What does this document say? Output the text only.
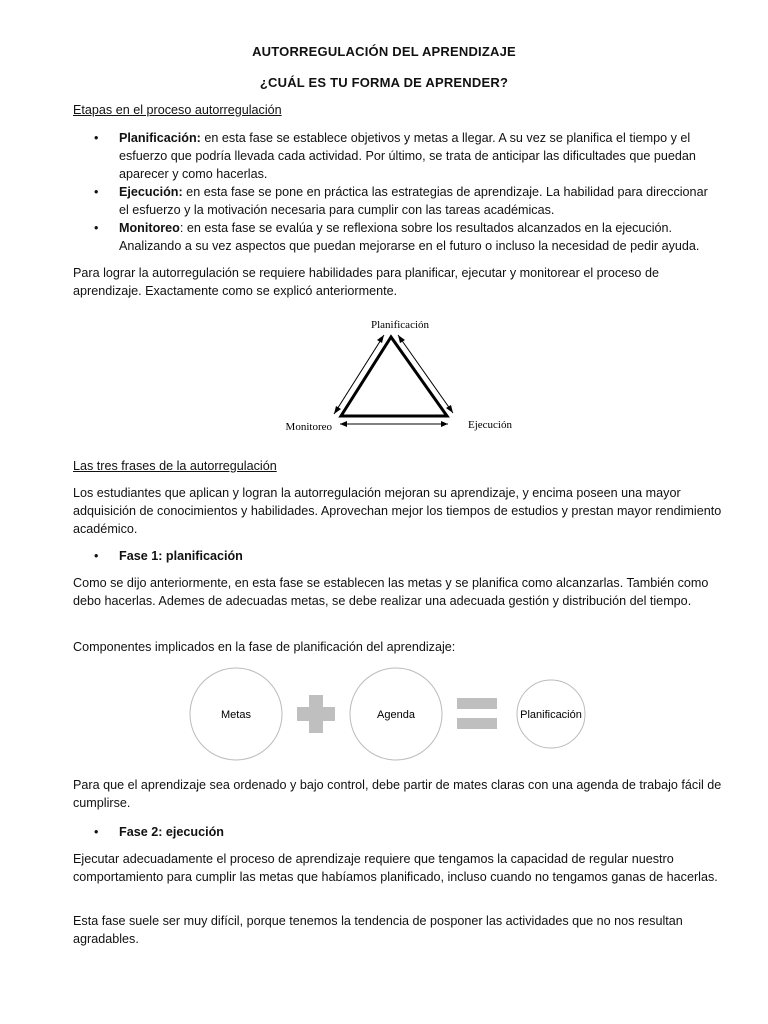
AUTORREGULACIÓN DEL APRENDIZAJE
¿CUÁL ES TU FORMA DE APRENDER?
Etapas en el proceso autorregulación
• Planificación: en esta fase se establece objetivos y metas a llegar. A su vez se planifica el tiempo y el esfuerzo que podría llevada cada actividad. Por último, se trata de anticipar las dificultades que puedan aparecer y como hacerlas.
• Ejecución: en esta fase se pone en práctica las estrategias de aprendizaje. La habilidad para direccionar el esfuerzo y la motivación necesaria para cumplir con las tareas académicas.
• Monitoreo: en esta fase se evalúa y se reflexiona sobre los resultados alcanzados en la ejecución. Analizando a su vez aspectos que puedan mejorarse en el futuro o incluso la necesidad de pedir ayuda.
Para lograr la autorregulación se requiere habilidades para planificar, ejecutar y monitorear el proceso de aprendizaje. Exactamente como se explicó anteriormente.
Planificación
Ejecución
Monitoreo
Las tres frases de la autorregulación
Los estudiantes que aplican y logran la autorregulación mejoran su aprendizaje, y encima poseen una mayor adquisición de conocimientos y habilidades. Aprovechan mejor los tiempos de estudios y prestan mayor rendimiento académico.
• Fase 1: planificación
Como se dijo anteriormente, en esta fase se establecen las metas y se planifica como alcanzarlas. También como debo hacerlas. Ademes de adecuadas metas, se debe realizar una adecuada gestión y distribución del tiempo.
Componentes implicados en la fase de planificación del aprendizaje:
Metas	Agenda	Planificación
Para que el aprendizaje sea ordenado y bajo control, debe partir de mates claras con una agenda de trabajo fácil de cumplirse.
• Fase 2: ejecución
Ejecutar adecuadamente el proceso de aprendizaje requiere que tengamos la capacidad de regular nuestro comportamiento para cumplir las metas que habíamos planificado, incluso cuando no tengamos ganas de hacerlas.
Esta fase suele ser muy difícil, porque tenemos la tendencia de posponer las actividades que no nos resultan agradables.
